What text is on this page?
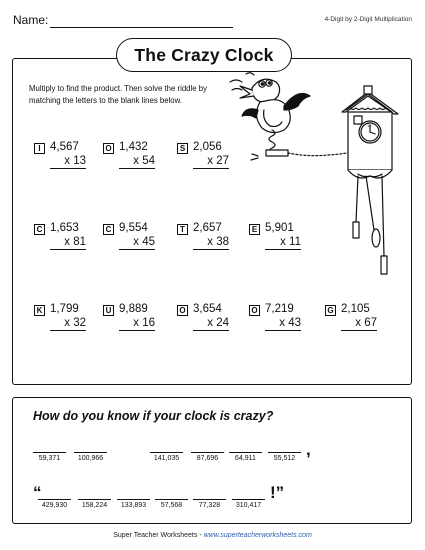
Name:	4-Digit by 2-Digit Multiplication
The Crazy Clock
Multiply to find the product. Then solve the riddle by matching the letters to the blank lines below.
I 4,567
x 13
O 1,432
x 54
S 2,056
x 27
C 1,653
x 81
C 9,554
x 45
T 2,657
x 38
E 5,901
x 11
K 1,799
x 32
U 9,889
x 16
O 3,654
x 24
O 7,219
x 43
G 2,105
x 67
12
How do you know if your clock is crazy?
59,371	100,966	141,035	87,696	64,911	55,512 ,
“
429,930	158,224	133,893	57,568	77,328	310,417
!”
Super Teacher Worksheets - www.superteacherworksheets.com
